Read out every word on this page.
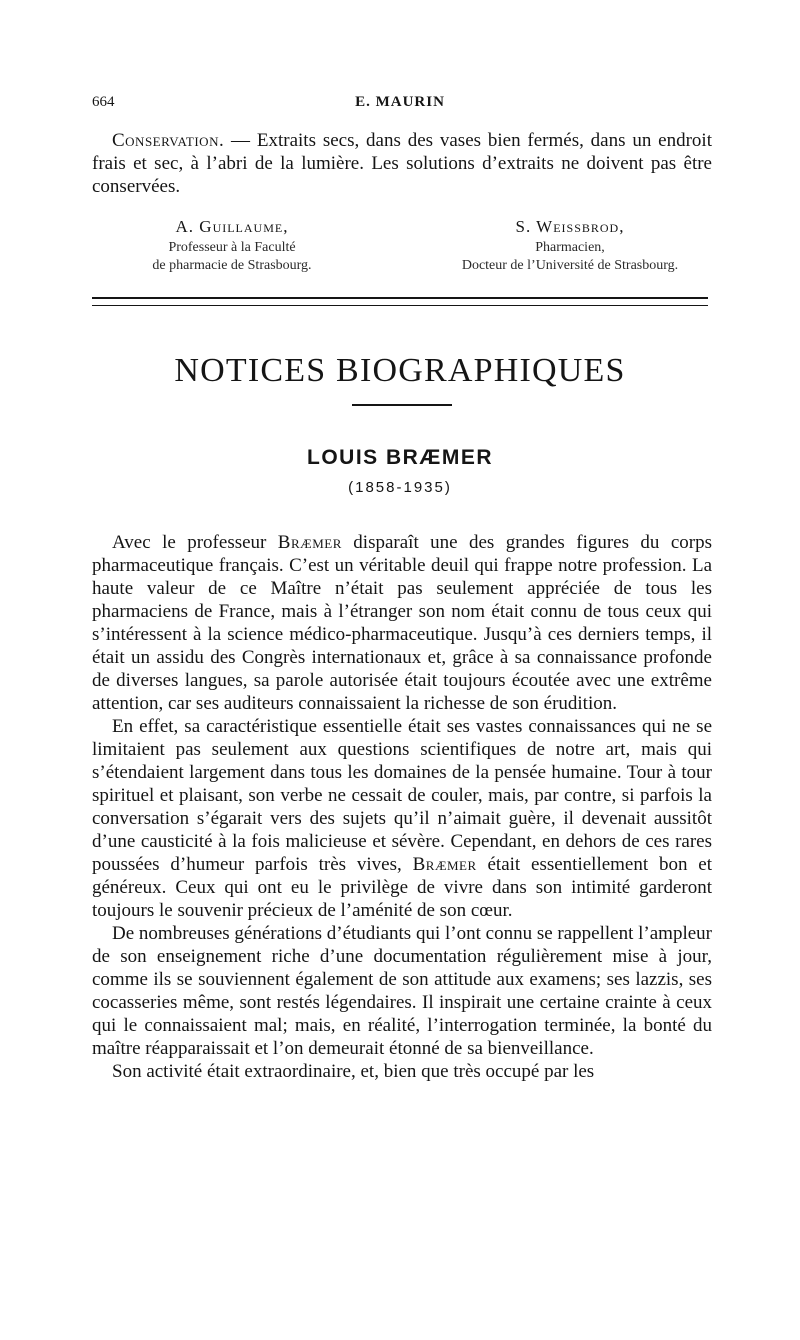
664	E. MAURIN

Conservation. — Extraits secs, dans des vases bien fermés, dans un endroit frais et sec, à l’abri de la lumière. Les solutions d’extraits ne doivent pas être conservées.

A. Guillaume,
Professeur à la Faculté
de pharmacie de Strasbourg.
S. Weissbrod,
Pharmacien,
Docteur de l’Université de Strasbourg.
NOTICES BIOGRAPHIQUES
LOUIS BRÆMER
(1858-1935)

Avec le professeur Bræmer disparaît une des grandes figures du corps pharmaceutique français. C’est un véritable deuil qui frappe notre profession. La haute valeur de ce Maître n’était pas seulement appréciée de tous les pharmaciens de France, mais à l’étranger son nom était connu de tous ceux qui s’intéressent à la science médico-pharmaceutique. Jusqu’à ces derniers temps, il était un assidu des Congrès internationaux et, grâce à sa connaissance profonde de diverses langues, sa parole autorisée était toujours écoutée avec une extrême attention, car ses auditeurs connaissaient la richesse de son érudition.

En effet, sa caractéristique essentielle était ses vastes connaissances qui ne se limitaient pas seulement aux questions scientifiques de notre art, mais qui s’étendaient largement dans tous les domaines de la pensée humaine. Tour à tour spirituel et plaisant, son verbe ne cessait de couler, mais, par contre, si parfois la conversation s’égarait vers des sujets qu’il n’aimait guère, il devenait aussitôt d’une causticité à la fois malicieuse et sévère. Cependant, en dehors de ces rares poussées d’humeur parfois très vives, Bræmer était essentiellement bon et généreux. Ceux qui ont eu le privilège de vivre dans son intimité garderont toujours le souvenir précieux de l’aménité de son cœur.

De nombreuses générations d’étudiants qui l’ont connu se rappellent l’ampleur de son enseignement riche d’une documentation régulièrement mise à jour, comme ils se souviennent également de son attitude aux examens; ses lazzis, ses cocasseries même, sont restés légendaires. Il inspirait une certaine crainte à ceux qui le connaissaient mal; mais, en réalité, l’interrogation terminée, la bonté du maître réapparaissait et l’on demeurait étonné de sa bienveillance.

Son activité était extraordinaire, et, bien que très occupé par les
